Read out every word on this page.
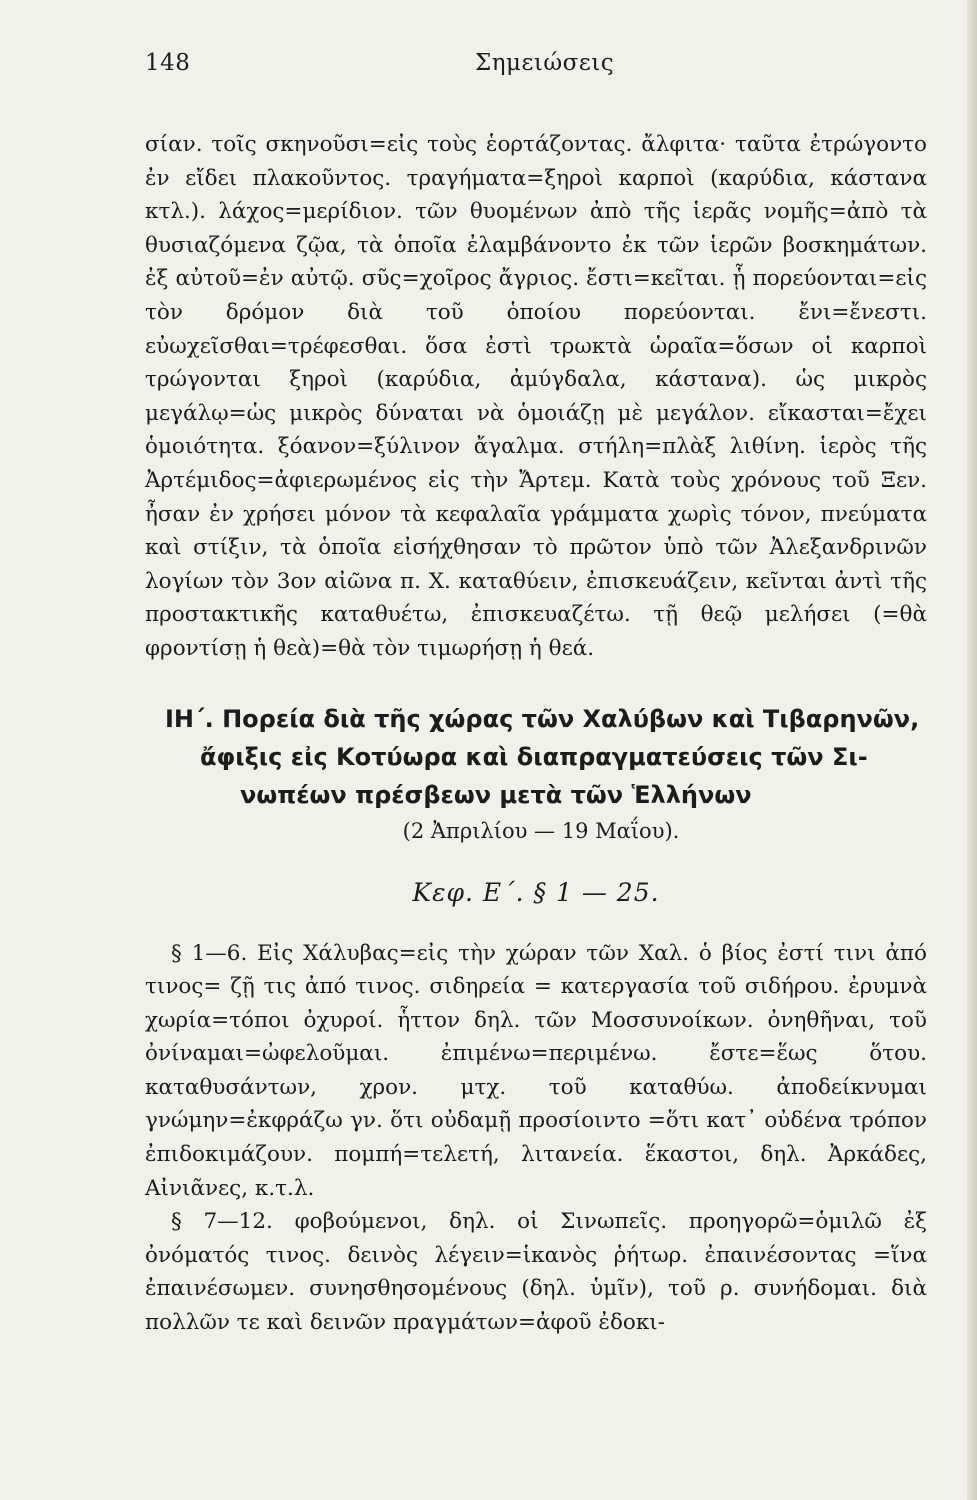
148	Σημειώσεις

σίαν. τοῖς σκηνοῦσι=εἰς τοὺς ἑορτάζοντας. ἄλφιτα· ταῦτα ἐτρώγοντο ἐν εἴδει πλακοῦντος. τραγήματα=ξηροὶ καρποὶ (καρύδια, κάστανα κτλ.). λάχος=μερίδιον. τῶν θυομένων ἀπὸ τῆς ἱερᾶς νομῆς=ἀπὸ τὰ θυσιαζόμενα ζῷα, τὰ ὁποῖα ἐλαμβάνοντο ἐκ τῶν ἱερῶν βοσκημάτων. ἐξ αὐτοῦ=ἐν αὐτῷ. σῦς=χοῖρος ἄγριος. ἔστι=κεῖται. ᾗ πορεύονται=εἰς τὸν δρόμον διὰ τοῦ ὁποίου πορεύονται. ἔνι=ἔνεστι. εὐωχεῖσθαι=τρέφεσθαι. ὅσα ἐστὶ τρωκτὰ ὡραῖα=ὅσων οἱ καρποὶ τρώγονται ξηροὶ (καρύδια, ἀμύγδαλα, κάστανα). ὡς μικρὸς μεγάλῳ=ὡς μικρὸς δύναται νὰ ὁμοιάζῃ μὲ μεγάλον. εἴκασται=ἔχει ὁμοιότητα. ξόανον=ξύλινον ἄγαλμα. στήλη=πλὰξ λιθίνη. ἱερὸς τῆς Ἀρτέμιδος=ἀφιερωμένος εἰς τὴν Ἄρτεμ. Κατὰ τοὺς χρόνους τοῦ Ξεν. ἦσαν ἐν χρήσει μόνον τὰ κεφαλαῖα γράμματα χωρὶς τόνον, πνεύματα καὶ στίξιν, τὰ ὁποῖα εἰσήχθησαν τὸ πρῶτον ὑπὸ τῶν Ἀλεξανδρινῶν λογίων τὸν 3ον αἰῶνα π. Χ. καταθύειν, ἐπισκευάζειν, κεῖνται ἀντὶ τῆς προστακτικῆς καταθυέτω, ἐπισκευαζέτω. τῇ θεῷ μελήσει (=θὰ φροντίσῃ ἡ θεὰ)=θὰ τὸν τιμωρήσῃ ἡ θεά.

ΙΗ΄. Πορεία διὰ τῆς χώρας τῶν Χαλύβων καὶ Τιβαρηνῶν,
ἄφιξις εἰς Κοτύωρα καὶ διαπραγματεύσεις τῶν Σι-
νωπέων πρέσβεων μετὰ τῶν Ἑλλήνων
(2 Ἀπριλίου — 19 Μαΐου).
Κεφ. Ε΄. § 1 — 25.

§ 1—6. Εἰς Χάλυβας=εἰς τὴν χώραν τῶν Χαλ. ὁ βίος ἐστί τινι ἀπό τινος= ζῇ τις ἀπό τινος. σιδηρεία = κατεργασία τοῦ σιδήρου. ἐρυμνὰ χωρία=τόποι ὀχυροί. ἧττον δηλ. τῶν Μοσσυνοίκων. ὀνηθῆναι, τοῦ ὀνίναμαι=ὠφελοῦμαι. ἐπιμένω=περιμένω. ἔστε=ἕως ὅτου. καταθυσάντων, χρον. μτχ. τοῦ καταθύω. ἀποδείκνυμαι γνώμην=ἐκφράζω γν. ὅτι οὐδαμῇ προσίοιντο =ὅτι κατ᾽ οὐδένα τρόπον ἐπιδοκιμάζουν. πομπή=τελετή, λιτανεία. ἕκαστοι, δηλ. Ἀρκάδες, Αἰνιᾶνες, κ.τ.λ.

§ 7—12. φοβούμενοι, δηλ. οἱ Σινωπεῖς. προηγορῶ=ὁμιλῶ ἐξ ὀνόματός τινος. δεινὸς λέγειν=ἱκανὸς ῥήτωρ. ἐπαινέσοντας =ἵνα ἐπαινέσωμεν. συνησθησομένους (δηλ. ὑμῖν), τοῦ ρ. συνήδομαι. διὰ πολλῶν τε καὶ δεινῶν πραγμάτων=ἀφοῦ ἐδοκι-
